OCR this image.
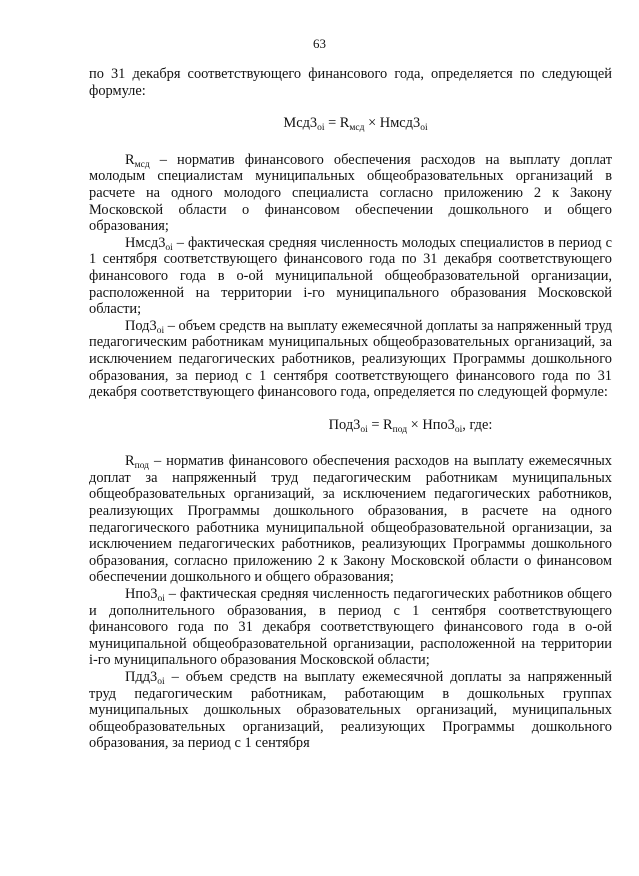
63

по 31 декабря соответствующего финансового года, определяется по следующей формуле:

$Мсд3_{oi} = R_{мсд}$ × $Нмсд3_{oi}$

$R_{мсд}$ – норматив финансового обеспечения расходов на выплату доплат молодым специалистам муниципальных общеобразовательных организаций в расчете на одного молодого специалиста согласно приложению 2 к Закону Московской области о финансовом обеспечении дошкольного и общего образования;

$Нмсд3_{oi}$ – фактическая средняя численность молодых специалистов в период с 1 сентября соответствующего финансового года по 31 декабря соответствующего финансового года в о-ой муниципальной общеобразовательной организации, расположенной на территории i-го муниципального образования Московской области;

$Под3_{oi}$ – объем средств на выплату ежемесячной доплаты за напряженный труд педагогическим работникам муниципальных общеобразовательных организаций, за исключением педагогических работников, реализующих Программы дошкольного образования, за период с 1 сентября соответствующего финансового года по 31 декабря соответствующего финансового года, определяется по следующей формуле:

$Под3_{oi} = R_{под} \times Нпо3_{oi}$, где:

$R_{под}$ – норматив финансового обеспечения расходов на выплату ежемесячных доплат за напряженный труд педагогическим работникам муниципальных общеобразовательных организаций, за исключением педагогических работников, реализующих Программы дошкольного образования, в расчете на одного педагогического работника муниципальной общеобразовательной организации, за исключением педагогических работников, реализующих Программы дошкольного образования, согласно приложению 2 к Закону Московской области о финансовом обеспечении дошкольного и общего образования;

$Нпо3_{oi}$ – фактическая средняя численность педагогических работников общего и дополнительного образования, в период с 1 сентября соответствующего финансового года по 31 декабря соответствующего финансового года в о-ой муниципальной общеобразовательной организации, расположенной на территории i-го муниципального образования Московской области;

$Пдд3_{oi}$ – объем средств на выплату ежемесячной доплаты за напряженный труд педагогическим работникам, работающим в дошкольных группах муниципальных дошкольных образовательных организаций, муниципальных общеобразовательных организаций, реализующих Программы дошкольного образования, за период с 1 сентября
